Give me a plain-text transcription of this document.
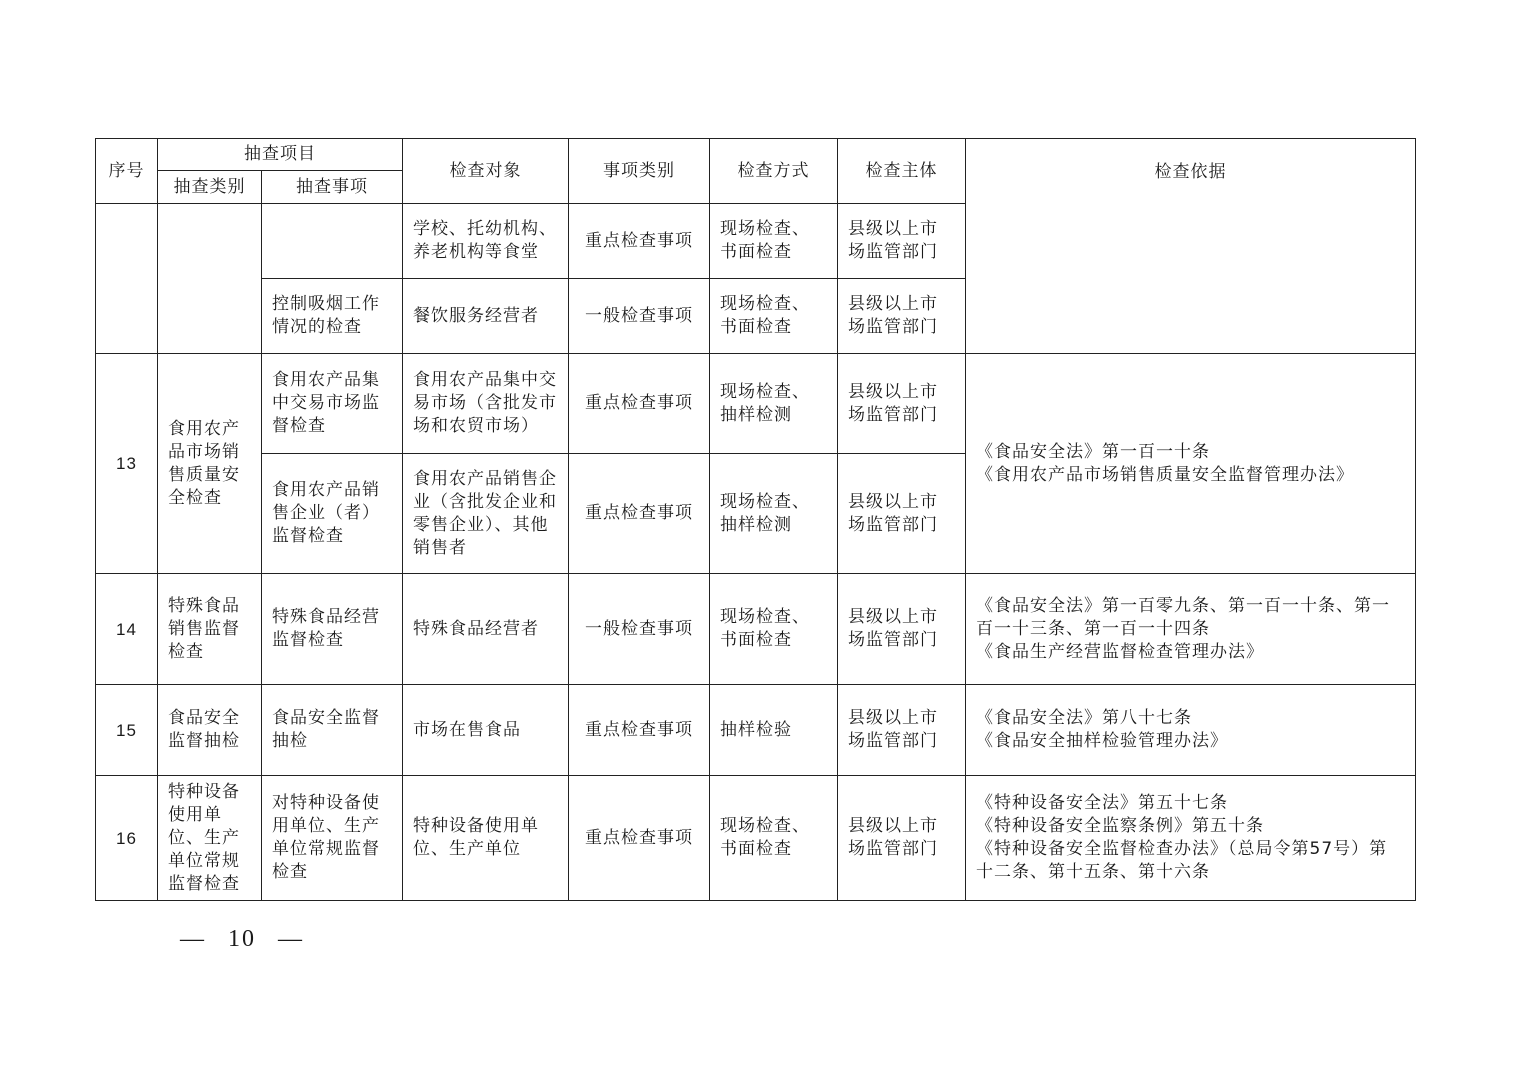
序号	抽查项目		检查对象	事项类别	检查方式	检查主体	检查依据
	抽查类别	抽查事项					
			学校、托幼机构、养老机构等食堂	重点检查事项	现场检查、书面检查	县级以上市场监管部门	
		控制吸烟工作情况的检查	餐饮服务经营者	一般检查事项	现场检查、书面检查	县级以上市场监管部门	
13	食用农产品市场销售质量安全检查	食用农产品集中交易市场监督检查	食用农产品集中交易市场（含批发市场和农贸市场）	重点检查事项	现场检查、抽样检测	县级以上市场监管部门	《食品安全法》第一百一十条
《食用农产品市场销售质量安全监督管理办法》

		食用农产品销售企业（者）监督检查	食用农产品销售企业（含批发企业和零售企业）、其他销售者	重点检查事项	现场检查、抽样检测	县级以上市场监管部门	
14	特殊食品销售监督检查	特殊食品经营监督检查	特殊食品经营者	一般检查事项	现场检查、书面检查	县级以上市场监管部门	《食品安全法》第一百零九条、第一百一十条、第一百一十三条、第一百一十四条
《食品生产经营监督检查管理办法》

15	食品安全监督抽检	食品安全监督抽检	市场在售食品	重点检查事项	抽样检验	县级以上市场监管部门	《食品安全法》第八十七条
《食品安全抽样检验管理办法》

16	特种设备使用单位、生产单位常规监督检查	对特种设备使用单位、生产单位常规监督检查	特种设备使用单位、生产单位	重点检查事项	现场检查、书面检查	县级以上市场监管部门	《特种设备安全法》第五十七条
《特种设备安全监察条例》第五十条
《特种设备安全监督检查办法》（总局令第57号）第十二条、第十五条、第十六条
— 10 —
